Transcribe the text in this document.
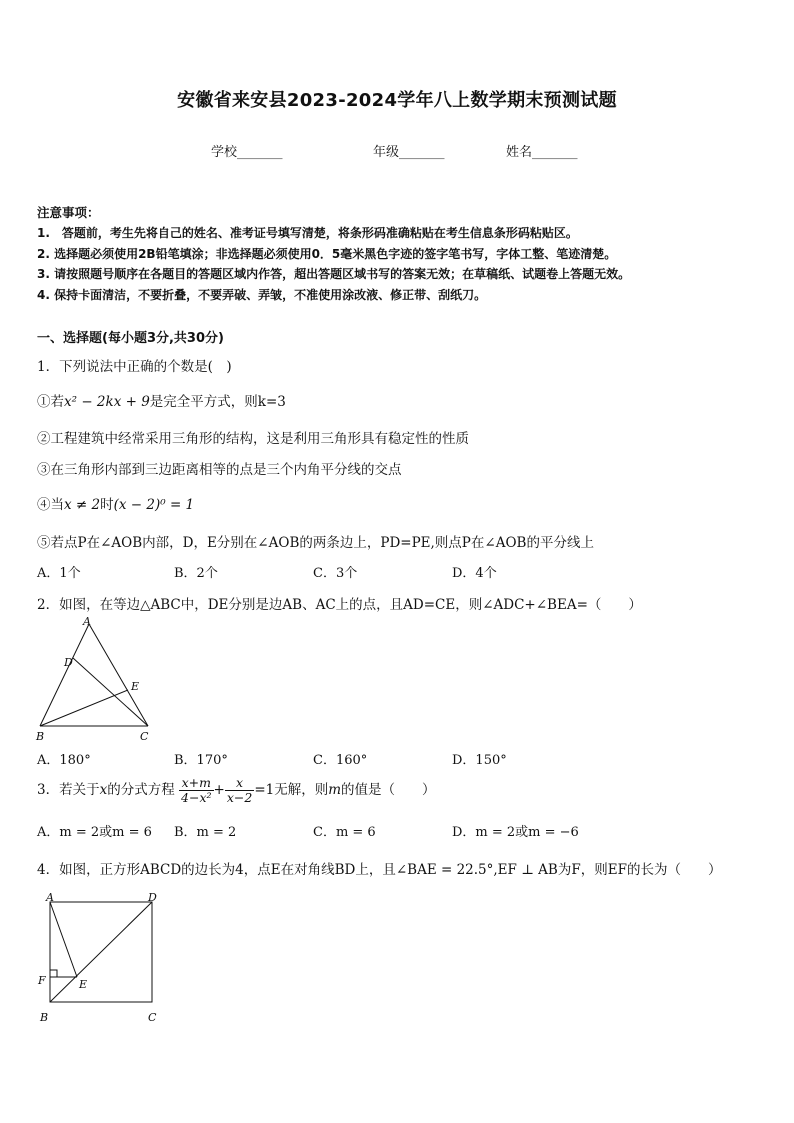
安徽省来安县2023-2024学年八上数学期末预测试题
学校_______	年级_______	姓名_______
注意事项：
1.　答题前，考生先将自己的姓名、准考证号填写清楚，将条形码准确粘贴在考生信息条形码粘贴区。
2. 选择题必须使用2B铅笔填涂；非选择题必须使用0．5毫米黑色字迹的签字笔书写，字体工整、笔迹清楚。
3. 请按照题号顺序在各题目的答题区域内作答，超出答题区域书写的答案无效；在草稿纸、试题卷上答题无效。
4. 保持卡面清洁，不要折叠，不要弄破、弄皱，不准使用涂改液、修正带、刮纸刀。
一、选择题(每小题3分,共30分)
1．下列说法中正确的个数是(　)
①若x² − 2kx + 9是完全平方式，则k=3
②工程建筑中经常采用三角形的结构，这是利用三角形具有稳定性的性质
③在三角形内部到三边距离相等的点是三个内角平分线的交点
④当x ≠ 2时(x − 2)⁰ = 1
⑤若点P在∠AOB内部，D，E分别在∠AOB的两条边上，PD=PE,则点P在∠AOB的平分线上
A．1个	B．2个	C．3个	D．4个
2．如图，在等边△ABC中，DE分别是边AB、AC上的点，且AD=CE，则∠ADC+∠BEA=（　　）
A
D
E
B	C
A．180°	B．170°	C．160°	D．150°
3．若关于x的分式方程 $\frac{x+m}{\text{4−x²}} + \frac{x}{x-2} =1$无解，则m的值是（　　）
A．m = 2或m = 6 B．m = 2	C．m = 6	D．m = 2或m = −6
4．如图，正方形ABCD的边长为4，点E在对角线BD上，且∠BAE = 22.5°,EF ⊥ AB为F，则EF的长为（　　）
A	D
F	E
B	C
